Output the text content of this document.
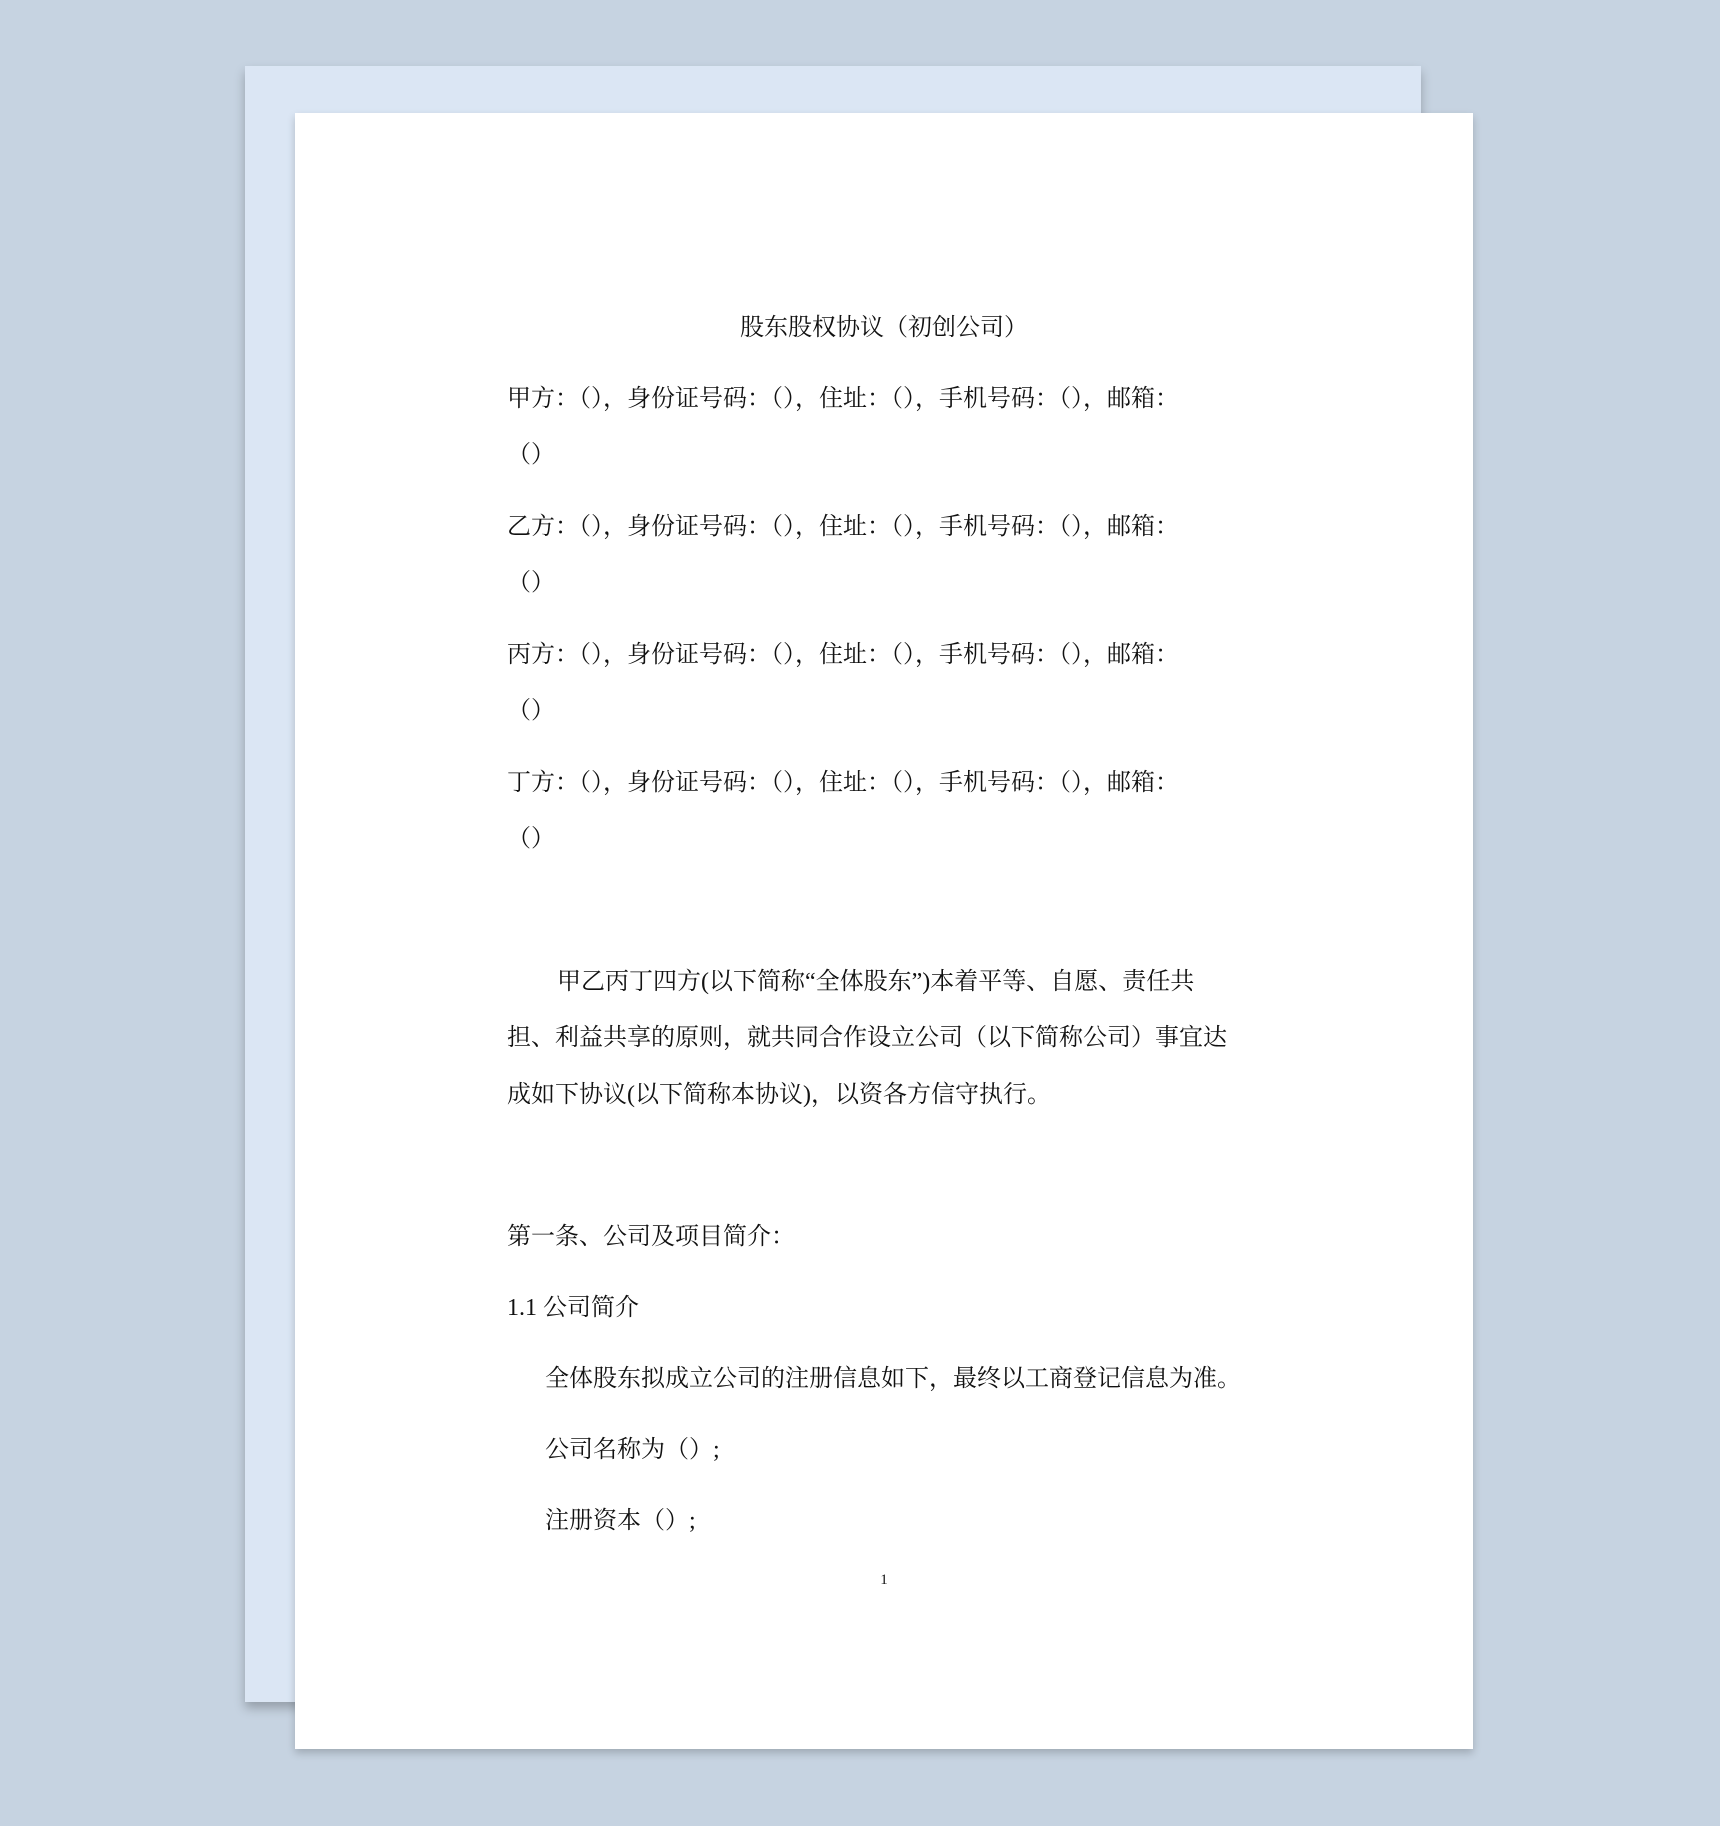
股东股权协议（初创公司）
甲方：（），身份证号码：（），住址：（），手机号码：（），邮箱：
（）
乙方：（），身份证号码：（），住址：（），手机号码：（），邮箱：
（）
丙方：（），身份证号码：（），住址：（），手机号码：（），邮箱：
（）
丁方：（），身份证号码：（），住址：（），手机号码：（），邮箱：
（）
甲乙丙丁四方(以下简称“全体股东”)本着平等、自愿、责任共
担、利益共享的原则，就共同合作设立公司（以下简称公司）事宜达
成如下协议(以下简称本协议)，以资各方信守执行。
第一条、公司及项目简介：
1.1 公司简介
全体股东拟成立公司的注册信息如下，最终以工商登记信息为准。
公司名称为（）;
注册资本（）;
1
